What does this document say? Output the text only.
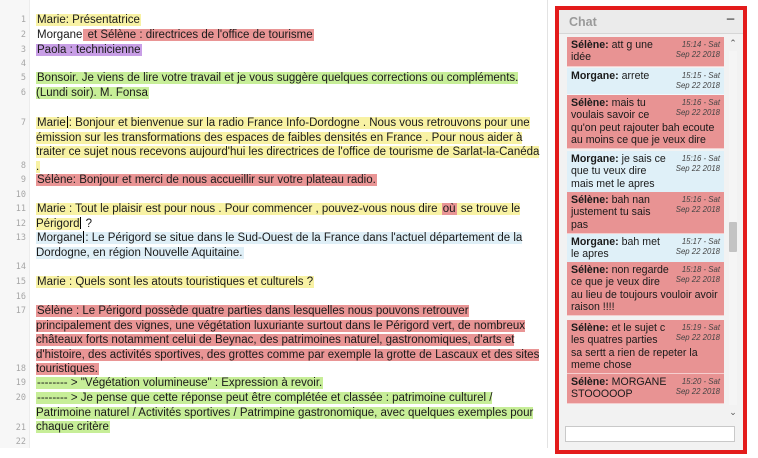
1 Marie: Présentatrice
2 Morgane et Sélène : directrices de l'office de tourisme
3 Paola : technicienne
4
5 Bonsoir. Je viens de lire votre travail et je vous suggère quelques corrections ou compléments. (Lundi soir). M. Fonsa
6
7 Marie : Bonjour et bienvenue sur la radio France Info-Dordogne . Nous vous retrouvons pour une émission sur les transformations des espaces de faibles densités en France . Pour nous aider à traiter ce sujet nous recevons aujourd'hui les directrices de l'office de tourisme de Sarlat-la-Canéda .
8
9 Sélène: Bonjour et merci de nous accueillir sur votre plateau radio.
10
11 Marie : Tout le plaisir est pour nous . Pour commencer , pouvez-vous nous dire où se trouve le Périgord ?
12
13 Morgane : Le Périgord se situe dans le Sud-Ouest de la France dans l'actuel département de la Dordogne, en région Nouvelle Aquitaine.
14
15 Marie : Quels sont les atouts touristiques et culturels ?
16
17 Sélène : Le Périgord possède quatre parties dans lesquelles nous pouvons retrouver principalement des vignes, une végétation luxuriante surtout dans le Périgord vert, de nombreux châteaux forts notamment celui de Beynac, des patrimoines naturel, gastronomiques, d'arts et d'histoire, des activités sportives, des grottes comme par exemple la grotte de Lascaux et des sites touristiques.
18
19 -------- > "Végétation volumineuse" : Expression à revoir.
20 -------- > Je pense que cette réponse peut être complétée et classée : patrimoine culturel / Patrimoine naturel / Activités sportives / Patrimpine gastronomique, avec quelques exemples pour chaque critère
21
22
Chat	−
15:14 - Sat Sep 22 2018
Sélène: att g une idée
15:15 - Sat Sep 22 2018
Morgane: arrete
15:16 - Sat Sep 22 2018
Sélène: mais tu voulais savoir ce qu'on peut rajouter bah ecoute au moins ce que je veux dire
15:16 - Sat Sep 22 2018
Morgane: je sais ce que tu veux dire mais met le apres
15:16 - Sat Sep 22 2018
Sélène: bah nan justement tu sais pas
15:17 - Sat Sep 22 2018
Morgane: bah met le apres
15:18 - Sat Sep 22 2018
Sélène: non regarde ce que je veux dire au lieu de toujours vouloir avoir raison !!!!
15:19 - Sat Sep 22 2018
Sélène: et le sujet c les quatres parties sa sertt a rien de repeter la meme chose
15:20 - Sat Sep 22 2018
Sélène: MORGANE STOOOOOP
⌃
⌄
